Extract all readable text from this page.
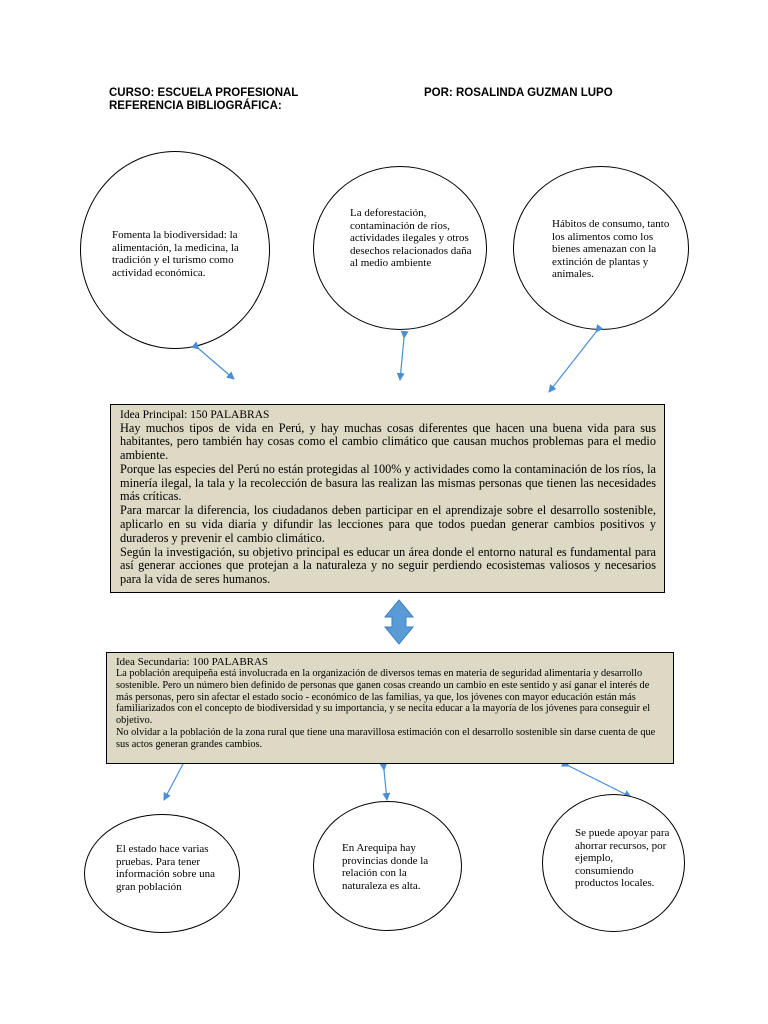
CURSO: ESCUELA PROFESIONAL
REFERENCIA BIBLIOGRÁFICA:
POR: ROSALINDA GUZMAN LUPO

Fomenta la biodiversidad: la alimentación, la medicina, la tradición y el turismo como actividad económica.

La deforestación, contaminación de ríos, actividades ilegales y otros desechos relacionados daña al medio ambiente

Hábitos de consumo, tanto los alimentos como los bienes amenazan con la extinción de plantas y animales.

Idea Principal: 150 PALABRAS

Hay muchos tipos de vida en Perú, y hay muchas cosas diferentes que hacen una buena vida para sus habitantes, pero también hay cosas como el cambio climático que causan muchos problemas para el medio ambiente.

Porque las especies del Perú no están protegidas al 100% y actividades como la contaminación de los ríos, la minería ilegal, la tala y la recolección de basura las realizan las mismas personas que tienen las necesidades más críticas.

Para marcar la diferencia, los ciudadanos deben participar en el aprendizaje sobre el desarrollo sostenible, aplicarlo en su vida diaria y difundir las lecciones para que todos puedan generar cambios positivos y duraderos y prevenir el cambio climático.

Según la investigación, su objetivo principal es educar un área donde el entorno natural es fundamental para así generar acciones que protejan a la naturaleza y no seguir perdiendo ecosistemas valiosos y necesarios para la vida de seres humanos.

Idea Secundaria: 100 PALABRAS

La población arequipeña está involucrada en la organización de diversos temas en materia de seguridad alimentaria y desarrollo sostenible. Pero un número bien definido de personas que ganen cosas creando un cambio en este sentido y así ganar el interés de más personas, pero sin afectar el estado socio - económico de las familias, ya que, los jóvenes con mayor educación están más familiarizados con el concepto de biodiversidad y su importancia, y se necita educar a la mayoría de los jóvenes para conseguir el objetivo.

No olvidar a la población de la zona rural que tiene una maravillosa estimación con el desarrollo sostenible sin darse cuenta de que sus actos generan grandes cambios.

El estado hace varias pruebas. Para tener información sobre una gran población

En Arequipa hay provincias donde la relación con la naturaleza es alta.

Se puede apoyar para ahorrar recursos, por ejemplo, consumiendo productos locales.
